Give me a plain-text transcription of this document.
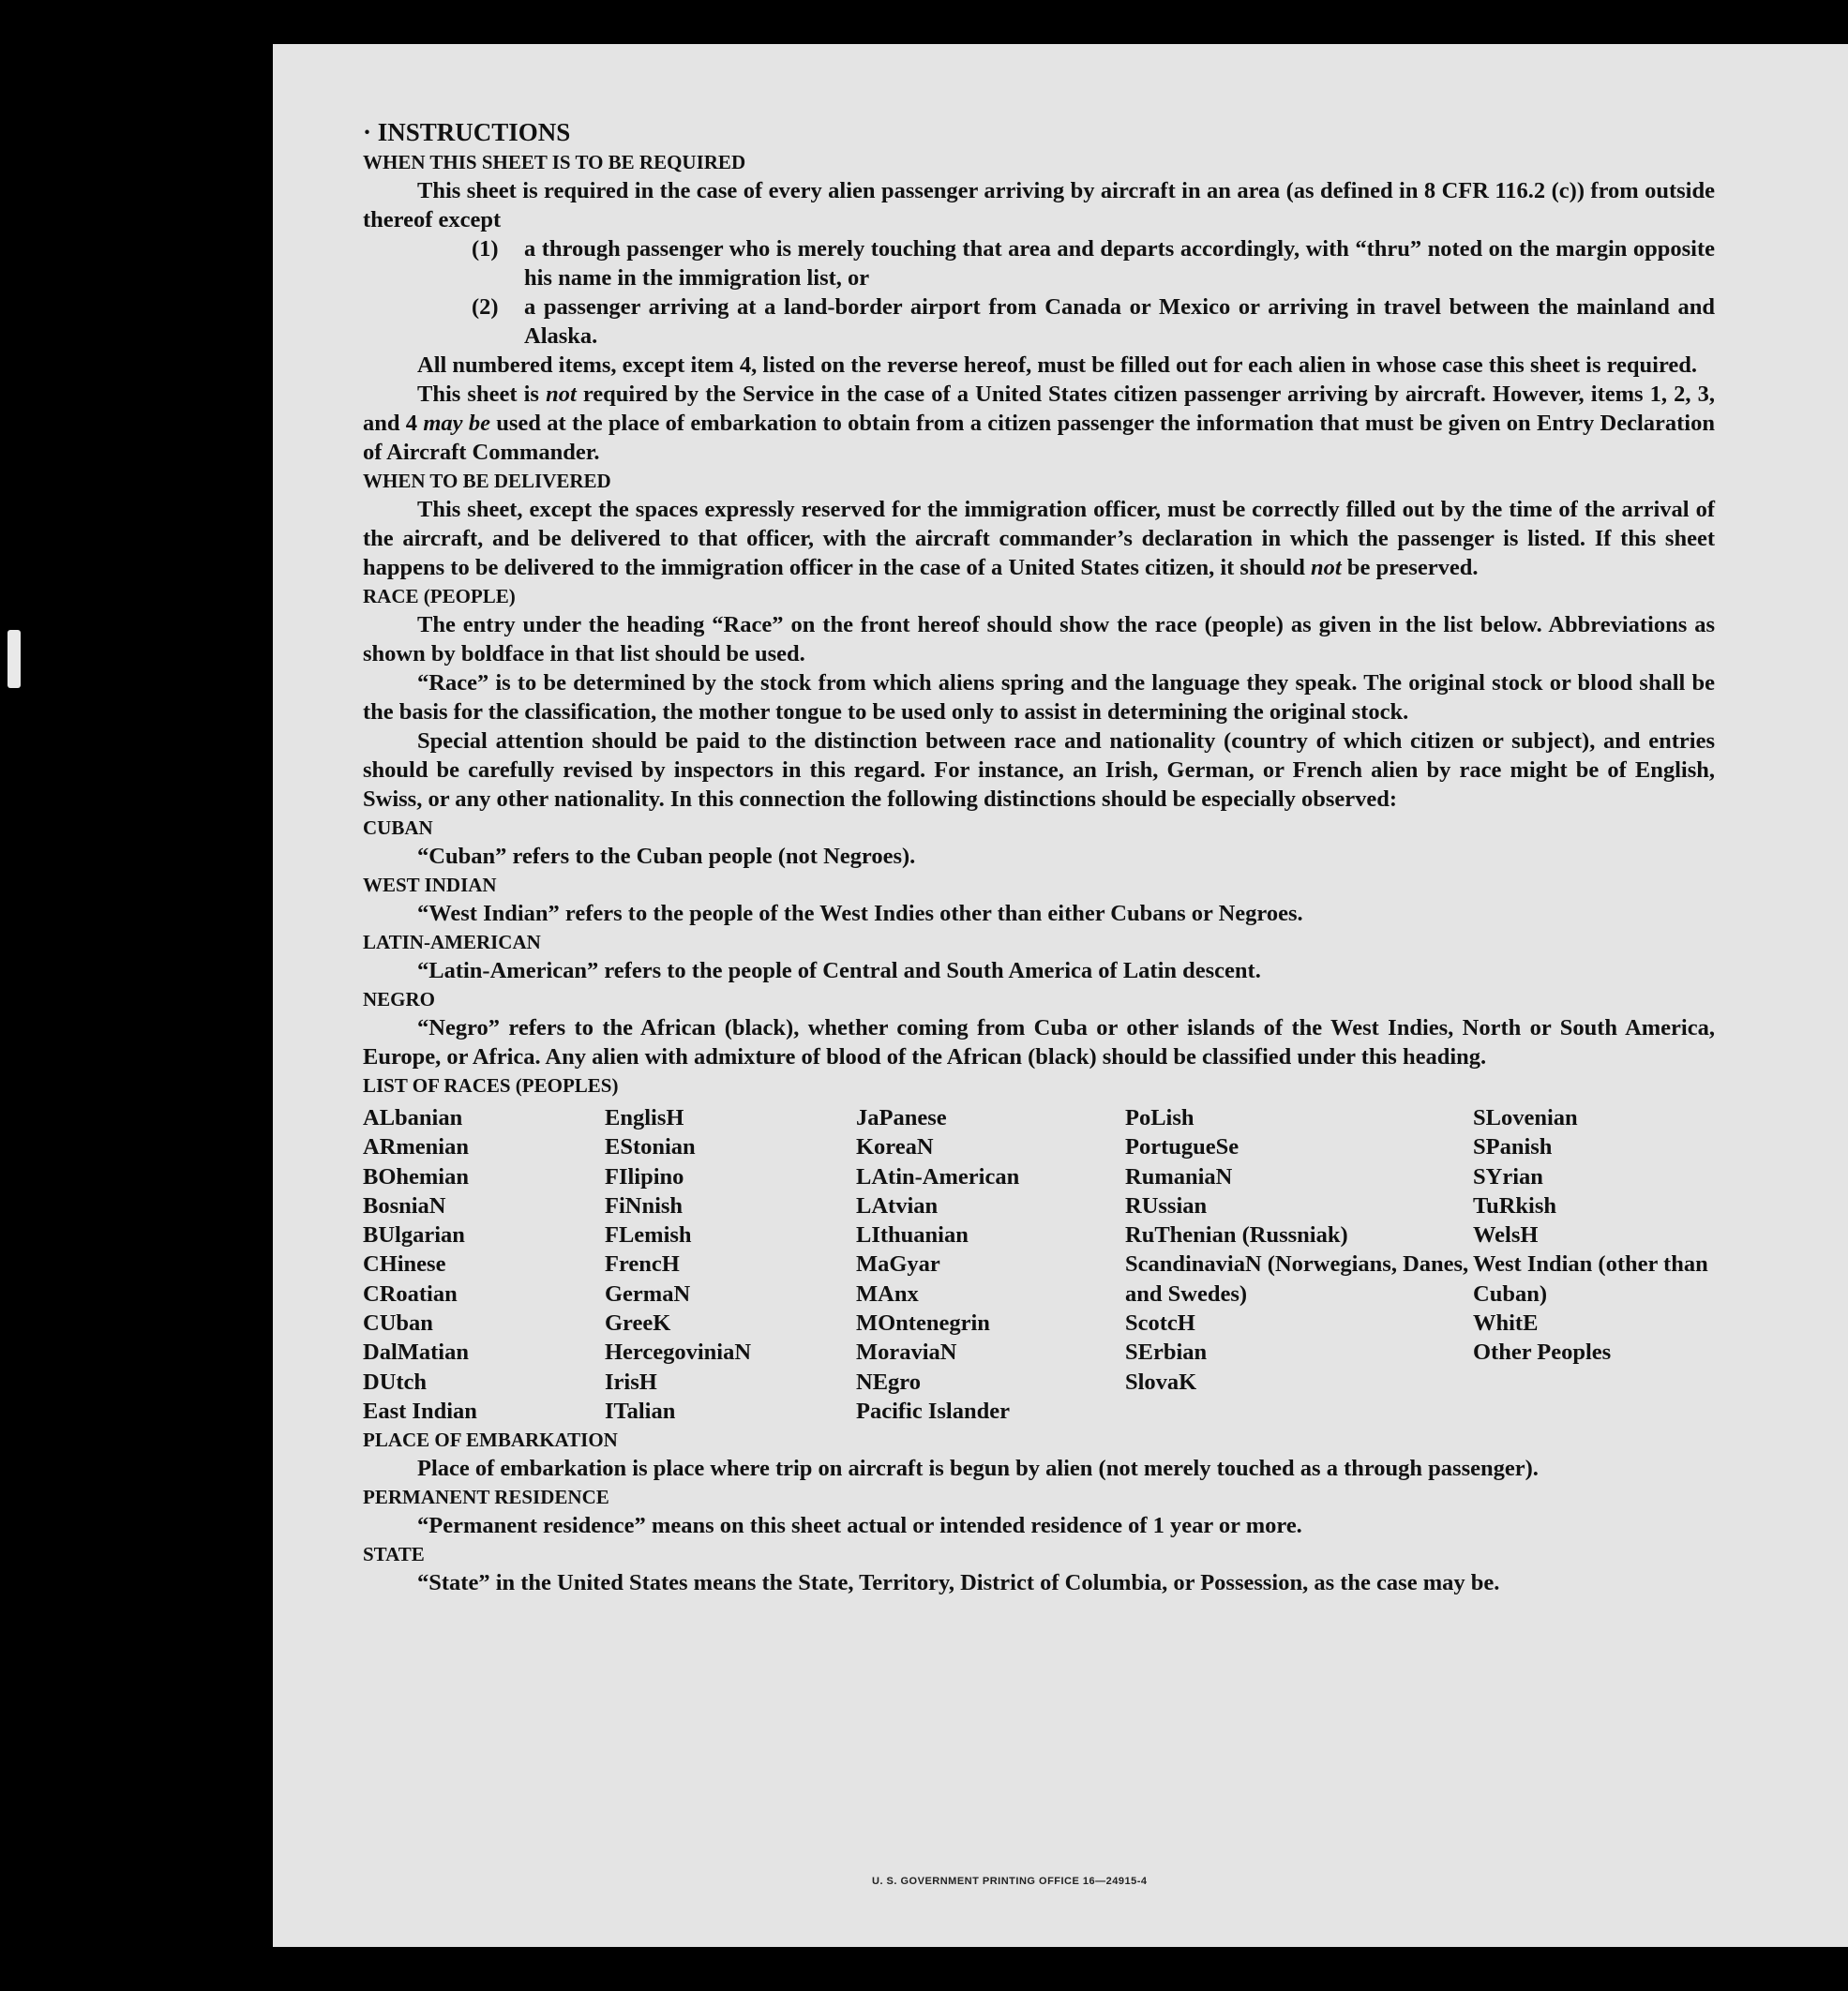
· INSTRUCTIONS

WHEN THIS SHEET IS TO BE REQUIRED

This sheet is required in the case of every alien passenger arriving by aircraft in an area (as defined in 8 CFR 116.2 (c)) from outside thereof except

(1)	a through passenger who is merely touching that area and departs accordingly, with “thru” noted on the margin opposite his name in the immigration list, or
(2)	a passenger arriving at a land-border airport from Canada or Mexico or arriving in travel between the mainland and Alaska.

All numbered items, except item 4, listed on the reverse hereof, must be filled out for each alien in whose case this sheet is required.

This sheet is not required by the Service in the case of a United States citizen passenger arriving by aircraft. However, items 1, 2, 3, and 4 may be used at the place of embarkation to obtain from a citizen passenger the information that must be given on Entry Declaration of Aircraft Commander.

WHEN TO BE DELIVERED

This sheet, except the spaces expressly reserved for the immigration officer, must be correctly filled out by the time of the arrival of the aircraft, and be delivered to that officer, with the aircraft commander’s declaration in which the passenger is listed. If this sheet happens to be delivered to the immigration officer in the case of a United States citizen, it should not be preserved.

RACE (PEOPLE)

The entry under the heading “Race” on the front hereof should show the race (people) as given in the list below. Abbreviations as shown by boldface in that list should be used.

“Race” is to be determined by the stock from which aliens spring and the language they speak. The original stock or blood shall be the basis for the classification, the mother tongue to be used only to assist in determining the original stock.

Special attention should be paid to the distinction between race and nationality (country of which citizen or subject), and entries should be carefully revised by inspectors in this regard. For instance, an Irish, German, or French alien by race might be of English, Swiss, or any other nationality. In this connection the following distinctions should be especially observed:

CUBAN

“Cuban” refers to the Cuban people (not Negroes).

WEST INDIAN

“West Indian” refers to the people of the West Indies other than either Cubans or Negroes.

LATIN-AMERICAN

“Latin-American” refers to the people of Central and South America of Latin descent.

NEGRO

“Negro” refers to the African (black), whether coming from Cuba or other islands of the West Indies, North or South America, Europe, or Africa. Any alien with admixture of blood of the African (black) should be classified under this heading.

LIST OF RACES (PEOPLES)

ALbanian
ARmenian
BOhemian
BosniaN
BUlgarian
CHinese
CRoatian
CUban
DalMatian
DUtch
East Indian
EnglisH
EStonian
FIlipino
FiNnish
FLemish
FrencH
GermaN
GreeK
HercegoviniaN
IrisH
ITalian
JaPanese
KoreaN
LAtin-American
LAtvian
LIthuanian
MaGyar
MAnx
MOntenegrin
MoraviaN
NEgro
Pacific Islander
PoLish
PortugueSe
RumaniaN
RUssian
RuThenian (Russniak)
ScandinaviaN (Norwegians, Danes, and Swedes)
ScotcH
SErbian
SlovaK
SLovenian
SPanish
SYrian
TuRkish
WelsH
West Indian (other than Cuban)
WhitE
Other Peoples

PLACE OF EMBARKATION

Place of embarkation is place where trip on aircraft is begun by alien (not merely touched as a through passenger).

PERMANENT RESIDENCE

“Permanent residence” means on this sheet actual or intended residence of 1 year or more.

STATE

“State” in the United States means the State, Territory, District of Columbia, or Possession, as the case may be.

U. S. GOVERNMENT PRINTING OFFICE 16—24915-4
